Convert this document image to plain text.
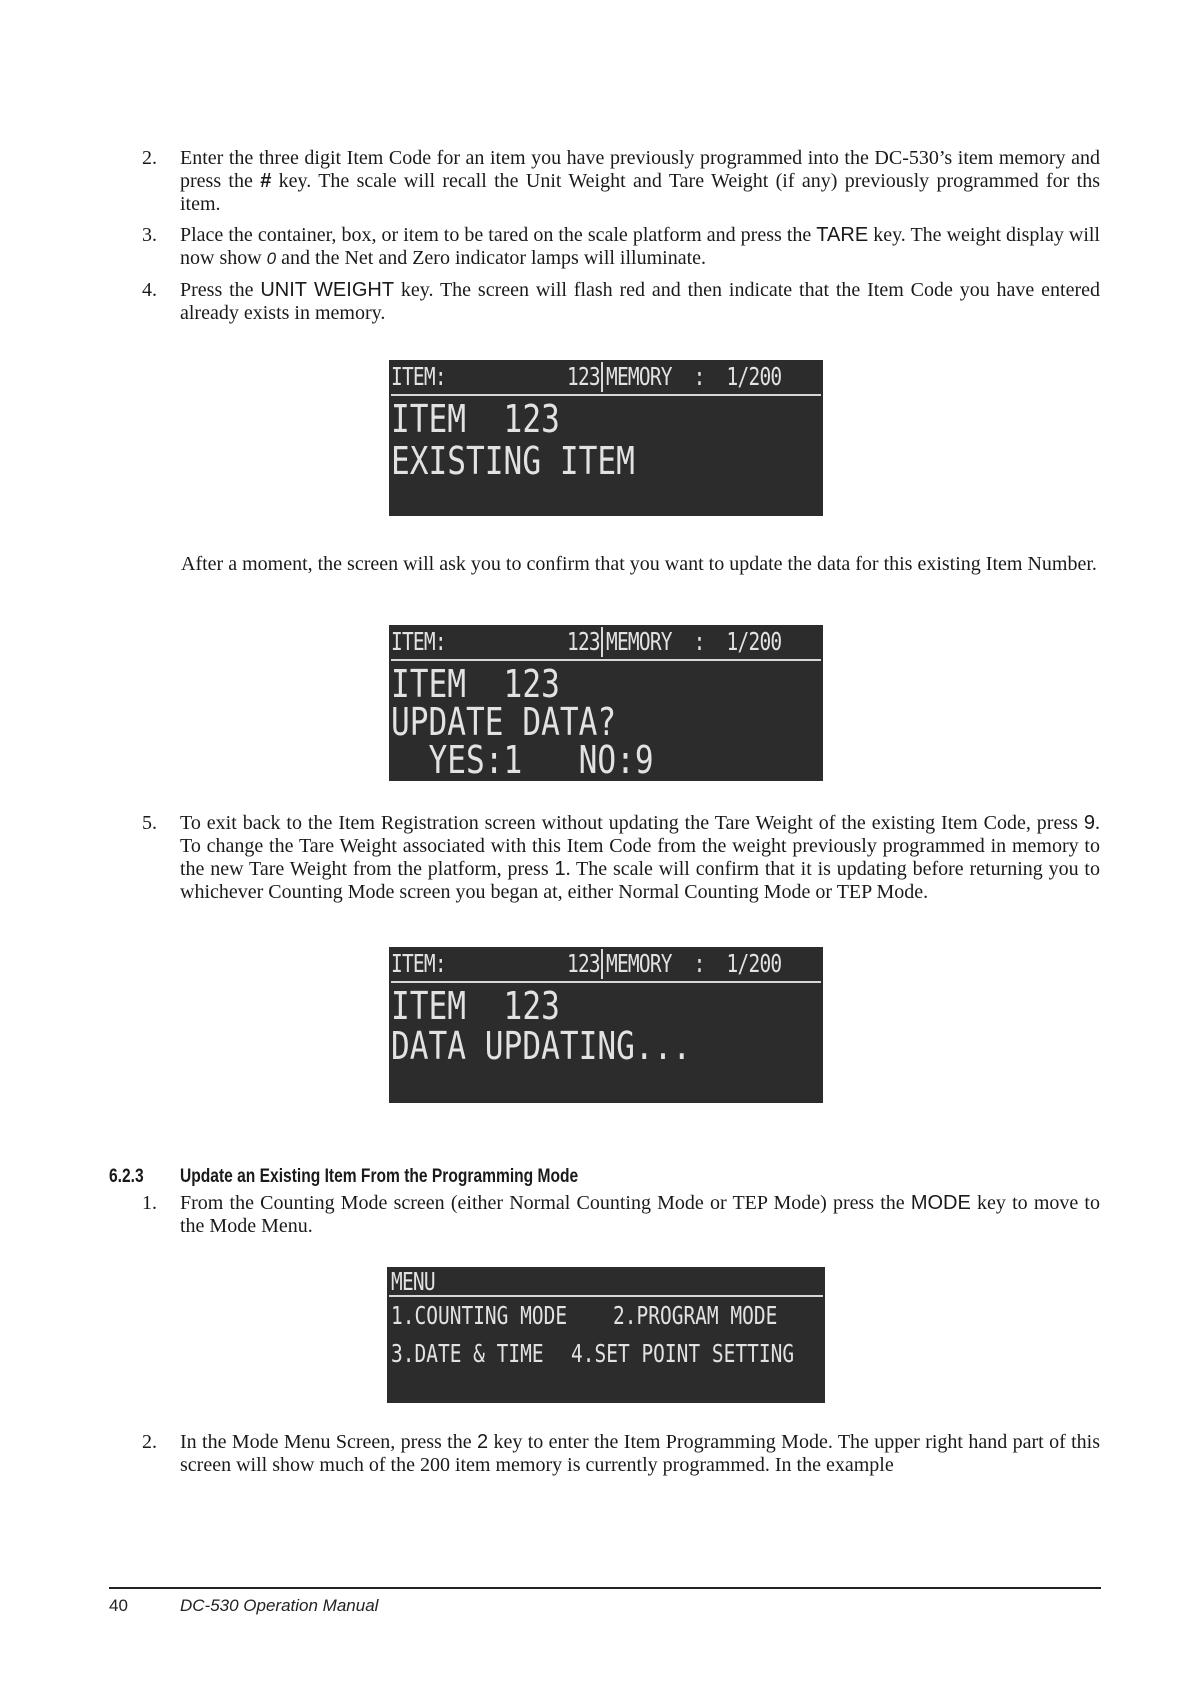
2.	Enter the three digit Item Code for an item you have previously programmed into the DC-530’s item memory and press the # key. The scale will recall the Unit Weight and Tare Weight (if any) previously programmed for ths item.
3.	Place the container, box, or item to be tared on the scale platform and press the TARE key. The weight display will now show 0 and the Net and Zero indicator lamps will illuminate.
4.	Press the UNIT WEIGHT key. The screen will flash red and then indicate that the Item Code you have entered already exists in memory.
ITEM:	123 MEMORY  :  1/200
ITEM  123
EXISTING ITEM
After a moment, the screen will ask you to confirm that you want to update the data for this existing Item Number.
ITEM:	123 MEMORY  :  1/200
ITEM  123
UPDATE DATA?
YES:1   NO:9
5.	To exit back to the Item Registration screen without updating the Tare Weight of the existing Item Code, press 9. To change the Tare Weight associated with this Item Code from the weight previously programmed in memory to the new Tare Weight from the platform, press 1. The scale will confirm that it is updating before returning you to whichever Counting Mode screen you began at, either Normal Counting Mode or TEP Mode.
ITEM:	123 MEMORY  :  1/200
ITEM  123
DATA UPDATING...
6.2.3 Update an Existing Item From the Programming Mode
1.	From the Counting Mode screen (either Normal Counting Mode or TEP Mode) press the MODE key to move to the Mode Menu.
MENU
1.COUNTING MODE 2.PROGRAM MODE
3.DATE & TIME 4.SET POINT SETTING
2.	In the Mode Menu Screen, press the 2 key to enter the Item Programming Mode. The upper right hand part of this screen will show much of the 200 item memory is currently programmed. In the example
40	DC-530 Operation Manual
